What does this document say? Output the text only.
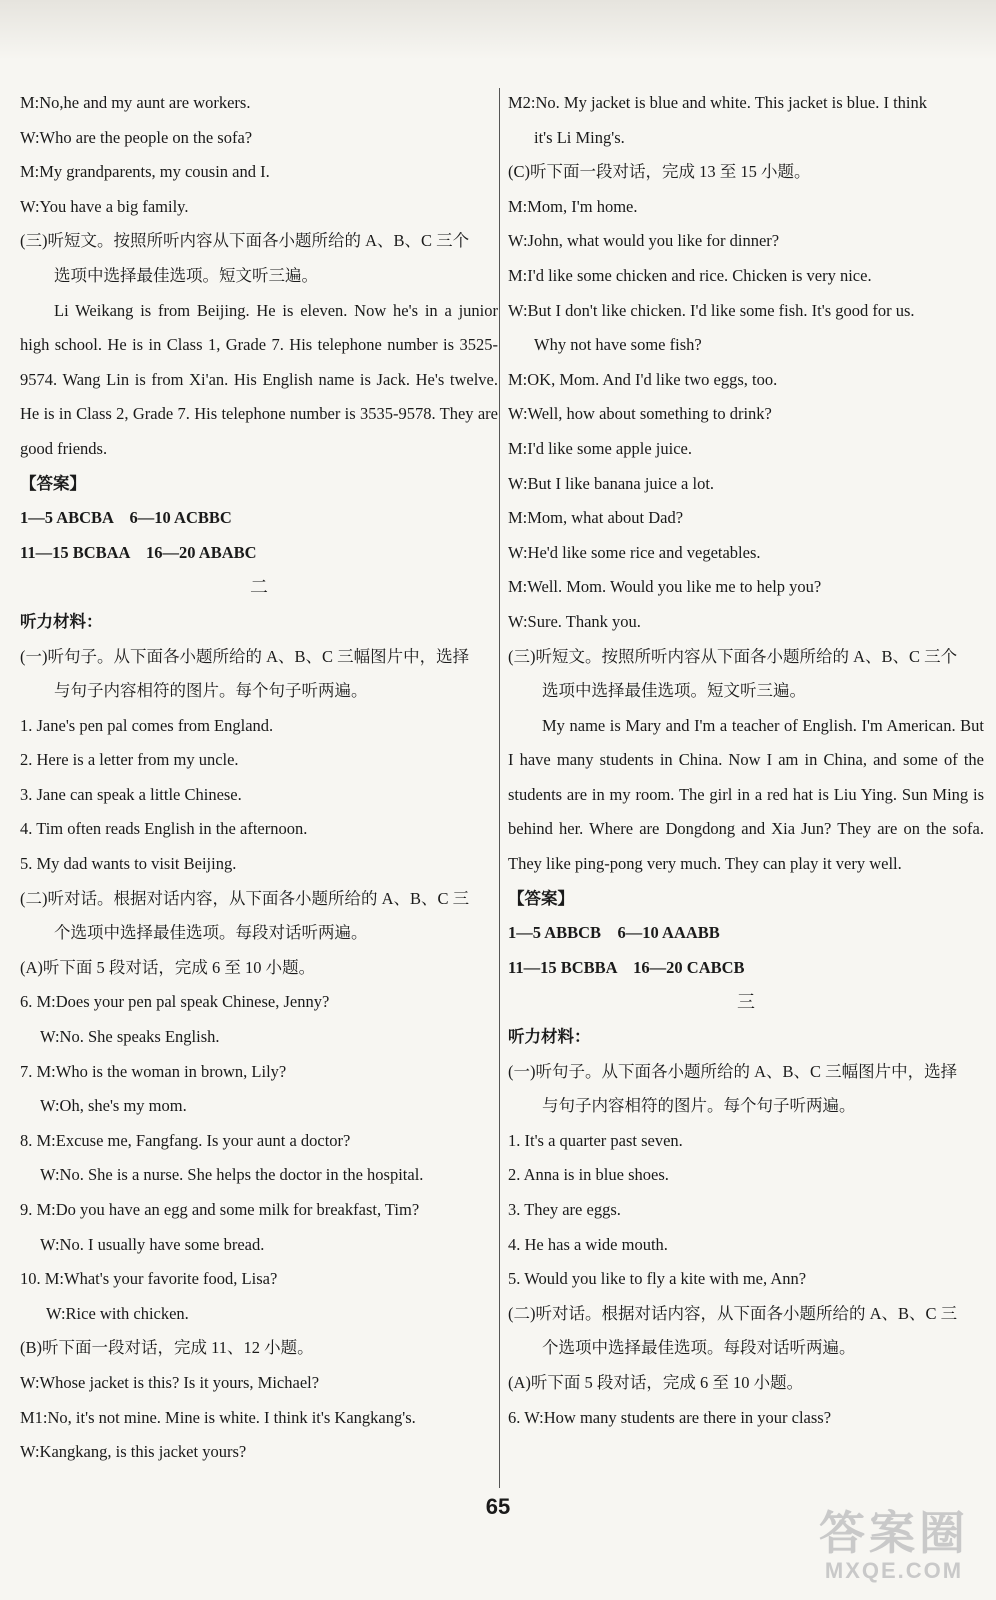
M:No,he and my aunt are workers.
W:Who are the people on the sofa?
M:My grandparents, my cousin and I.
W:You have a big family.
(三)听短文。按照所听内容从下面各小题所给的 A、B、C 三个
选项中选择最佳选项。短文听三遍。
Li Weikang is from Beijing. He is eleven. Now he's in a junior high school. He is in Class 1, Grade 7. His telephone number is 3525-9574. Wang Lin is from Xi'an. His English name is Jack. He's twelve. He is in Class 2, Grade 7. His telephone number is 3535-9578. They are good friends.
【答案】
1—5 ABCBA　6—10 ACBBC
11—15 BCBAA　16—20 ABABC
二
听力材料：
(一)听句子。从下面各小题所给的 A、B、C 三幅图片中，选择
与句子内容相符的图片。每个句子听两遍。
1. Jane's pen pal comes from England.
2. Here is a letter from my uncle.
3. Jane can speak a little Chinese.
4. Tim often reads English in the afternoon.
5. My dad wants to visit Beijing.
(二)听对话。根据对话内容，从下面各小题所给的 A、B、C 三
个选项中选择最佳选项。每段对话听两遍。
(A)听下面 5 段对话，完成 6 至 10 小题。
6. M:Does your pen pal speak Chinese, Jenny?
W:No. She speaks English.
7. M:Who is the woman in brown, Lily?
W:Oh, she's my mom.
8. M:Excuse me, Fangfang. Is your aunt a doctor?
W:No. She is a nurse. She helps the doctor in the hospital.
9. M:Do you have an egg and some milk for breakfast, Tim?
W:No. I usually have some bread.
10. M:What's your favorite food, Lisa?
W:Rice with chicken.
(B)听下面一段对话，完成 11、12 小题。
W:Whose jacket is this? Is it yours, Michael?
M1:No, it's not mine. Mine is white. I think it's Kangkang's.
W:Kangkang, is this jacket yours?
M2:No. My jacket is blue and white. This jacket is blue. I think
it's Li Ming's.
(C)听下面一段对话，完成 13 至 15 小题。
M:Mom, I'm home.
W:John, what would you like for dinner?
M:I'd like some chicken and rice. Chicken is very nice.
W:But I don't like chicken. I'd like some fish. It's good for us.
Why not have some fish?
M:OK, Mom. And I'd like two eggs, too.
W:Well, how about something to drink?
M:I'd like some apple juice.
W:But I like banana juice a lot.
M:Mom, what about Dad?
W:He'd like some rice and vegetables.
M:Well. Mom. Would you like me to help you?
W:Sure. Thank you.
(三)听短文。按照所听内容从下面各小题所给的 A、B、C 三个
选项中选择最佳选项。短文听三遍。
My name is Mary and I'm a teacher of English. I'm American. But I have many students in China. Now I am in China, and some of the students are in my room. The girl in a red hat is Liu Ying. Sun Ming is behind her. Where are Dongdong and Xia Jun? They are on the sofa. They like ping-pong very much. They can play it very well.
【答案】
1—5 ABBCB　6—10 AAABB
11—15 BCBBA　16—20 CABCB
三
听力材料：
(一)听句子。从下面各小题所给的 A、B、C 三幅图片中，选择
与句子内容相符的图片。每个句子听两遍。
1. It's a quarter past seven.
2. Anna is in blue shoes.
3. They are eggs.
4. He has a wide mouth.
5. Would you like to fly a kite with me, Ann?
(二)听对话。根据对话内容，从下面各小题所给的 A、B、C 三
个选项中选择最佳选项。每段对话听两遍。
(A)听下面 5 段对话，完成 6 至 10 小题。
6. W:How many students are there in your class?
65
答案圈
MXQE.COM
